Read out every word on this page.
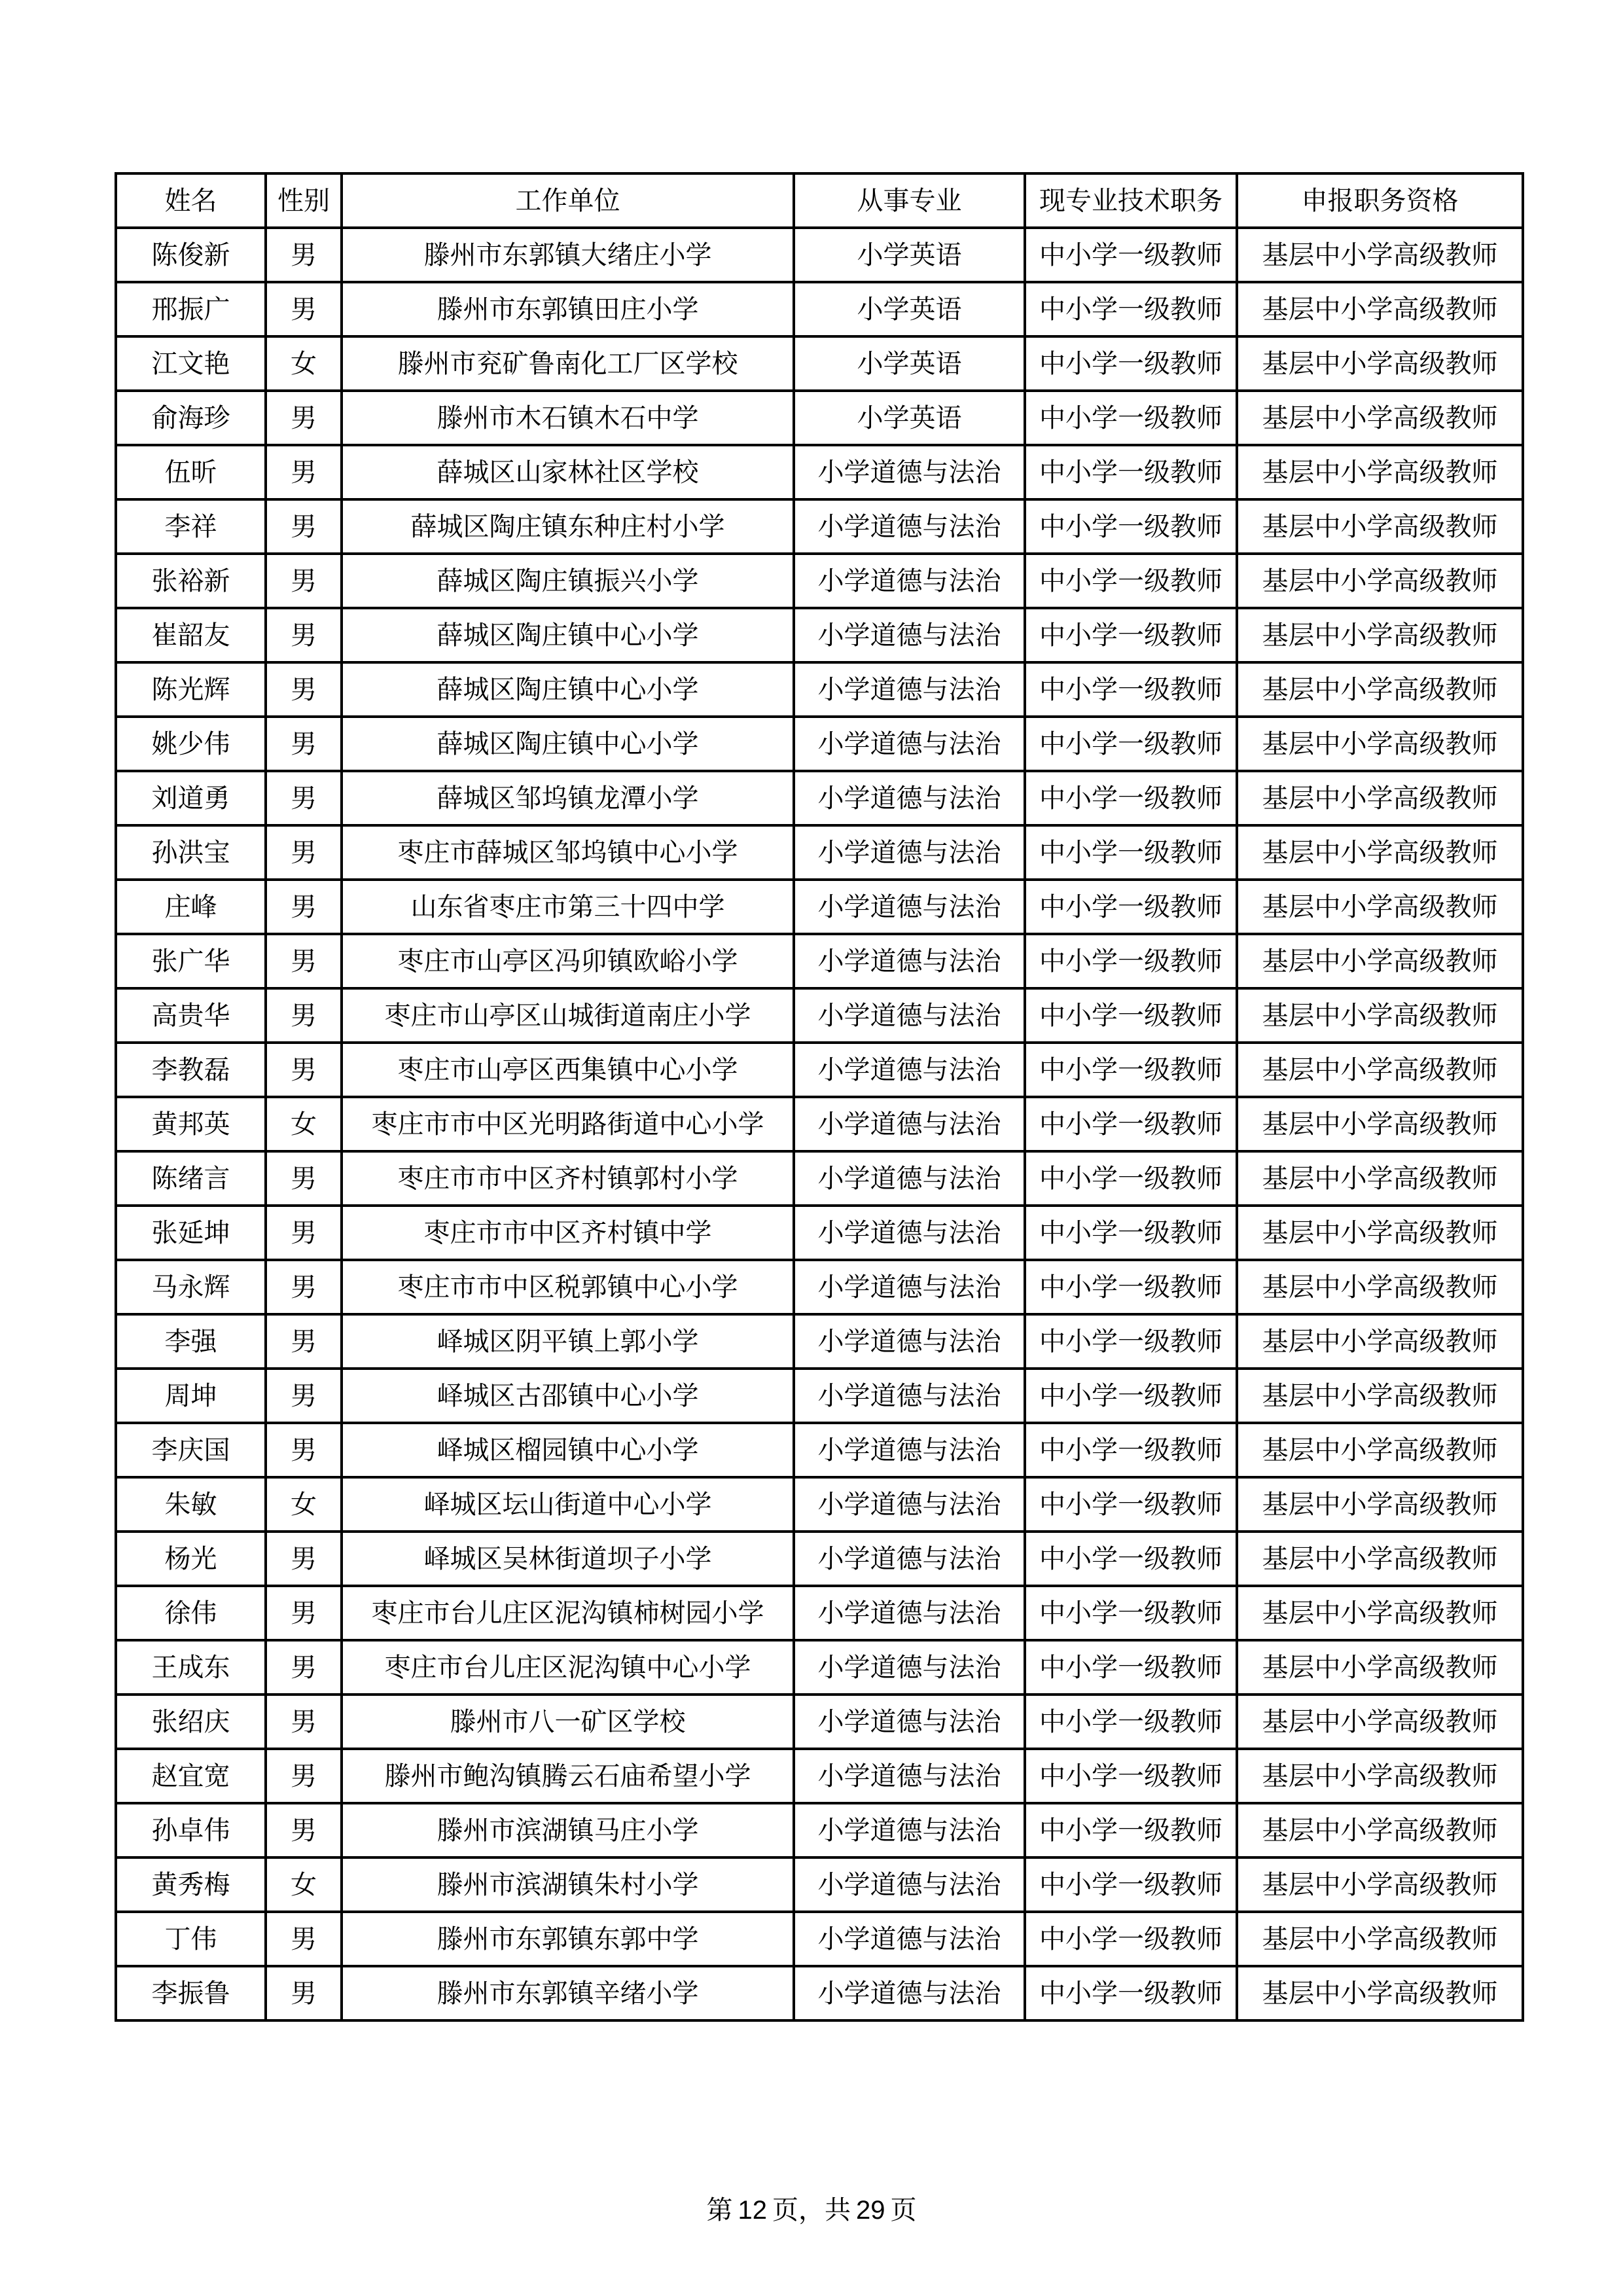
姓名	性别	工作单位	从事专业	现专业技术职务	申报职务资格
陈俊新	男	滕州市东郭镇大绪庄小学	小学英语	中小学一级教师	基层中小学高级教师
邢振广	男	滕州市东郭镇田庄小学	小学英语	中小学一级教师	基层中小学高级教师
江文艳	女	滕州市兖矿鲁南化工厂区学校	小学英语	中小学一级教师	基层中小学高级教师
俞海珍	男	滕州市木石镇木石中学	小学英语	中小学一级教师	基层中小学高级教师
伍昕	男	薛城区山家林社区学校	小学道德与法治	中小学一级教师	基层中小学高级教师
李祥	男	薛城区陶庄镇东种庄村小学	小学道德与法治	中小学一级教师	基层中小学高级教师
张裕新	男	薛城区陶庄镇振兴小学	小学道德与法治	中小学一级教师	基层中小学高级教师
崔韶友	男	薛城区陶庄镇中心小学	小学道德与法治	中小学一级教师	基层中小学高级教师
陈光辉	男	薛城区陶庄镇中心小学	小学道德与法治	中小学一级教师	基层中小学高级教师
姚少伟	男	薛城区陶庄镇中心小学	小学道德与法治	中小学一级教师	基层中小学高级教师
刘道勇	男	薛城区邹坞镇龙潭小学	小学道德与法治	中小学一级教师	基层中小学高级教师
孙洪宝	男	枣庄市薛城区邹坞镇中心小学	小学道德与法治	中小学一级教师	基层中小学高级教师
庄峰	男	山东省枣庄市第三十四中学	小学道德与法治	中小学一级教师	基层中小学高级教师
张广华	男	枣庄市山亭区冯卯镇欧峪小学	小学道德与法治	中小学一级教师	基层中小学高级教师
高贵华	男	枣庄市山亭区山城街道南庄小学	小学道德与法治	中小学一级教师	基层中小学高级教师
李教磊	男	枣庄市山亭区西集镇中心小学	小学道德与法治	中小学一级教师	基层中小学高级教师
黄邦英	女	枣庄市市中区光明路街道中心小学	小学道德与法治	中小学一级教师	基层中小学高级教师
陈绪言	男	枣庄市市中区齐村镇郭村小学	小学道德与法治	中小学一级教师	基层中小学高级教师
张延坤	男	枣庄市市中区齐村镇中学	小学道德与法治	中小学一级教师	基层中小学高级教师
马永辉	男	枣庄市市中区税郭镇中心小学	小学道德与法治	中小学一级教师	基层中小学高级教师
李强	男	峄城区阴平镇上郭小学	小学道德与法治	中小学一级教师	基层中小学高级教师
周坤	男	峄城区古邵镇中心小学	小学道德与法治	中小学一级教师	基层中小学高级教师
李庆国	男	峄城区榴园镇中心小学	小学道德与法治	中小学一级教师	基层中小学高级教师
朱敏	女	峄城区坛山街道中心小学	小学道德与法治	中小学一级教师	基层中小学高级教师
杨光	男	峄城区吴林街道坝子小学	小学道德与法治	中小学一级教师	基层中小学高级教师
徐伟	男	枣庄市台儿庄区泥沟镇柿树园小学	小学道德与法治	中小学一级教师	基层中小学高级教师
王成东	男	枣庄市台儿庄区泥沟镇中心小学	小学道德与法治	中小学一级教师	基层中小学高级教师
张绍庆	男	滕州市八一矿区学校	小学道德与法治	中小学一级教师	基层中小学高级教师
赵宜宽	男	滕州市鲍沟镇腾云石庙希望小学	小学道德与法治	中小学一级教师	基层中小学高级教师
孙卓伟	男	滕州市滨湖镇马庄小学	小学道德与法治	中小学一级教师	基层中小学高级教师
黄秀梅	女	滕州市滨湖镇朱村小学	小学道德与法治	中小学一级教师	基层中小学高级教师
丁伟	男	滕州市东郭镇东郭中学	小学道德与法治	中小学一级教师	基层中小学高级教师
李振鲁	男	滕州市东郭镇辛绪小学	小学道德与法治	中小学一级教师	基层中小学高级教师
第 12 页，共 29 页
